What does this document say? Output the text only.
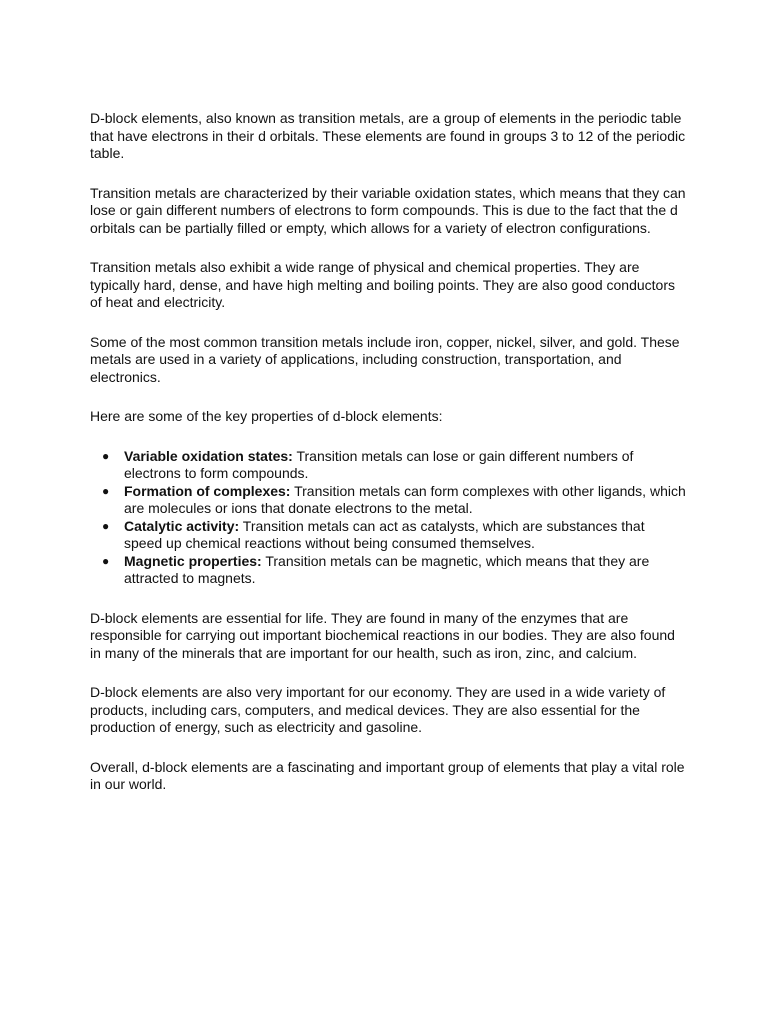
D-block elements, also known as transition metals, are a group of elements in the periodic table that have electrons in their d orbitals. These elements are found in groups 3 to 12 of the periodic table.

Transition metals are characterized by their variable oxidation states, which means that they can lose or gain different numbers of electrons to form compounds. This is due to the fact that the d orbitals can be partially filled or empty, which allows for a variety of electron configurations.

Transition metals also exhibit a wide range of physical and chemical properties. They are typically hard, dense, and have high melting and boiling points. They are also good conductors of heat and electricity.

Some of the most common transition metals include iron, copper, nickel, silver, and gold. These metals are used in a variety of applications, including construction, transportation, and electronics.

Here are some of the key properties of d-block elements:

● Variable oxidation states: Transition metals can lose or gain different numbers of electrons to form compounds.
● Formation of complexes: Transition metals can form complexes with other ligands, which are molecules or ions that donate electrons to the metal.
● Catalytic activity: Transition metals can act as catalysts, which are substances that speed up chemical reactions without being consumed themselves.
● Magnetic properties: Transition metals can be magnetic, which means that they are attracted to magnets.

D-block elements are essential for life. They are found in many of the enzymes that are responsible for carrying out important biochemical reactions in our bodies. They are also found in many of the minerals that are important for our health, such as iron, zinc, and calcium.

D-block elements are also very important for our economy. They are used in a wide variety of products, including cars, computers, and medical devices. They are also essential for the production of energy, such as electricity and gasoline.

Overall, d-block elements are a fascinating and important group of elements that play a vital role in our world.
